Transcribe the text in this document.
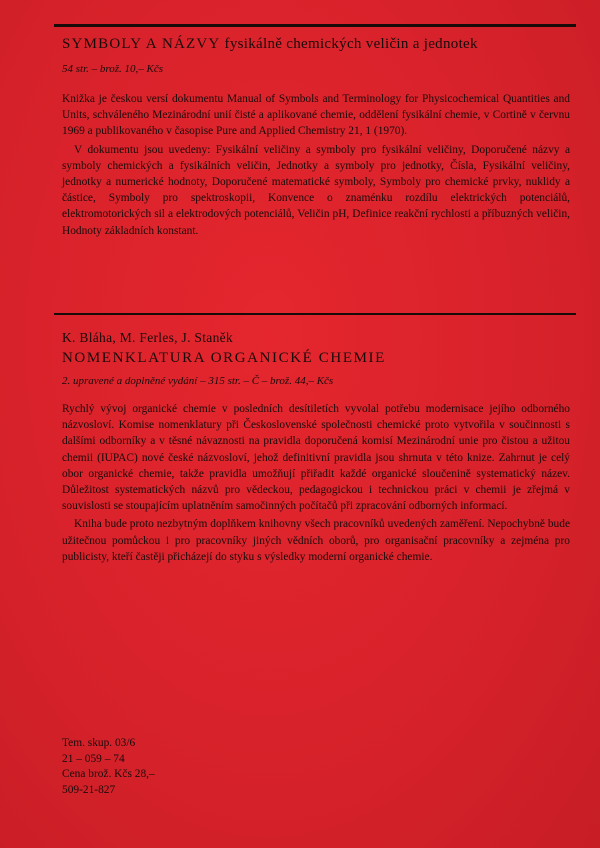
SYMBOLY A NÁZVY fysikálně chemických veličin a jednotek

54 str. – brož. 10,– Kčs

Knižka je českou versí dokumentu Manual of Symbols and Terminology for Physicochemical Quantities and Units, schváleného Mezinárodní unií čisté a aplikované chemie, oddělení fysikální chemie, v Cortině v červnu 1969 a publikovaného v časopise Pure and Applied Chemistry 21, 1 (1970).

V dokumentu jsou uvedeny: Fysikální veličiny a symboly pro fysikální veličiny, Doporučené názvy a symboly chemických a fysikálních veličin, Jednotky a symboly pro jednotky, Čísla, Fysikální veličiny, jednotky a numerické hodnoty, Doporučené matematické symboly, Symboly pro chemické prvky, nuklidy a částice, Symboly pro spektroskopii, Konvence o znaménku rozdílu elektrických potenciálů, elektromotorických sil a elektrodových potenciálů, Veličin pH, Definice reakční rychlosti a příbuzných veličin, Hodnoty základních konstant.

K. Bláha, M. Ferles, J. Staněk

NOMENKLATURA ORGANICKÉ CHEMIE

2. upravené a doplněné vydání – 315 str. – Č – brož. 44,– Kčs

Rychlý vývoj organické chemie v posledních desítiletích vyvolal potřebu modernisace jejího odborného názvosloví. Komise nomenklatury při Československé společnosti chemické proto vytvořila v součinnosti s dalšími odborníky a v těsné návaznosti na pravidla doporučená komisí Mezinárodní unie pro čistou a užitou chemii (IUPAC) nové české názvosloví, jehož definitivní pravidla jsou shrnuta v této knize. Zahrnut je celý obor organické chemie, takže pravidla umožňují přiřadit každé organické sloučenině systematický název. Důležitost systematických názvů pro vědeckou, pedagogickou i technickou práci v chemii je zřejmá v souvislosti se stoupajícím uplatněním samočinných počítačů při zpracování odborných informací.

Kniha bude proto nezbytným doplňkem knihovny všech pracovníků uvedených zaměření. Nepochybně bude užitečnou pomůckou i pro pracovníky jiných vědních oborů, pro organisační pracovníky a zejména pro publicisty, kteří častěji přicházejí do styku s výsledky moderní organické chemie.

Tem. skup. 03/6
21 – 059 – 74
Cena brož. Kčs 28,–
509-21-827
